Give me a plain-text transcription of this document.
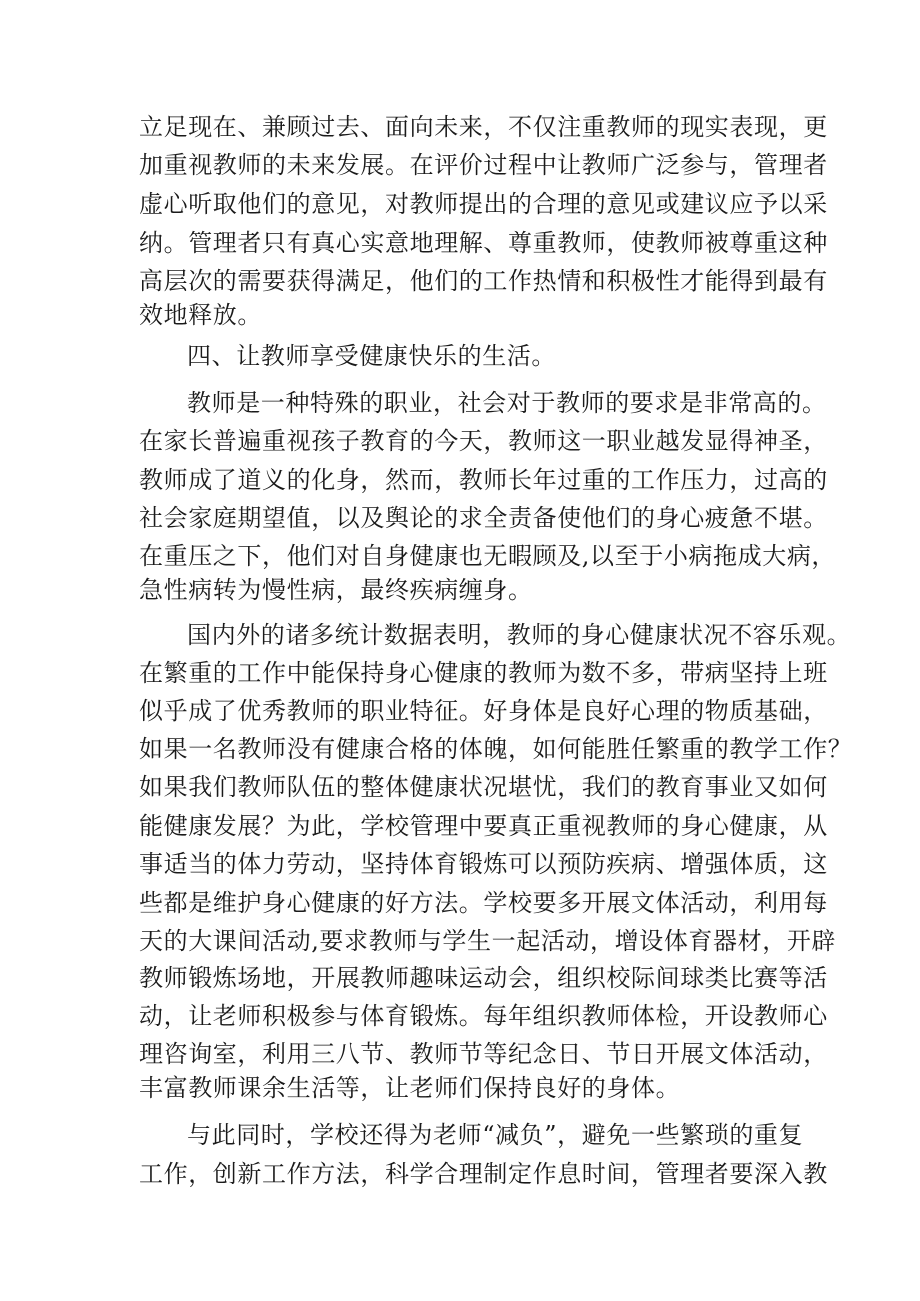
立足现在、兼顾过去、面向未来，不仅注重教师的现实表现，更
加重视教师的未来发展。在评价过程中让教师广泛参与，管理者
虚心听取他们的意见，对教师提出的合理的意见或建议应予以采
纳。管理者只有真心实意地理解、尊重教师，使教师被尊重这种
高层次的需要获得满足，他们的工作热情和积极性才能得到最有
效地释放。
四、让教师享受健康快乐的生活。
教师是一种特殊的职业，社会对于教师的要求是非常高的。
在家长普遍重视孩子教育的今天，教师这一职业越发显得神圣，
教师成了道义的化身，然而，教师长年过重的工作压力，过高的
社会家庭期望值，以及舆论的求全责备使他们的身心疲惫不堪。
在重压之下，他们对自身健康也无暇顾及,以至于小病拖成大病，
急性病转为慢性病，最终疾病缠身。
国内外的诸多统计数据表明，教师的身心健康状况不容乐观。
在繁重的工作中能保持身心健康的教师为数不多，带病坚持上班
似乎成了优秀教师的职业特征。好身体是良好心理的物质基础，
如果一名教师没有健康合格的体魄，如何能胜任繁重的教学工作？
如果我们教师队伍的整体健康状况堪忧，我们的教育事业又如何
能健康发展？为此，学校管理中要真正重视教师的身心健康，从
事适当的体力劳动，坚持体育锻炼可以预防疾病、增强体质，这
些都是维护身心健康的好方法。学校要多开展文体活动，利用每
天的大课间活动,要求教师与学生一起活动，增设体育器材，开辟
教师锻炼场地，开展教师趣味运动会，组织校际间球类比赛等活
动，让老师积极参与体育锻炼。每年组织教师体检，开设教师心
理咨询室，利用三八节、教师节等纪念日、节日开展文体活动，
丰富教师课余生活等，让老师们保持良好的身体。
与此同时，学校还得为老师“减负”，避免一些繁琐的重复
工作，创新工作方法，科学合理制定作息时间，管理者要深入教
